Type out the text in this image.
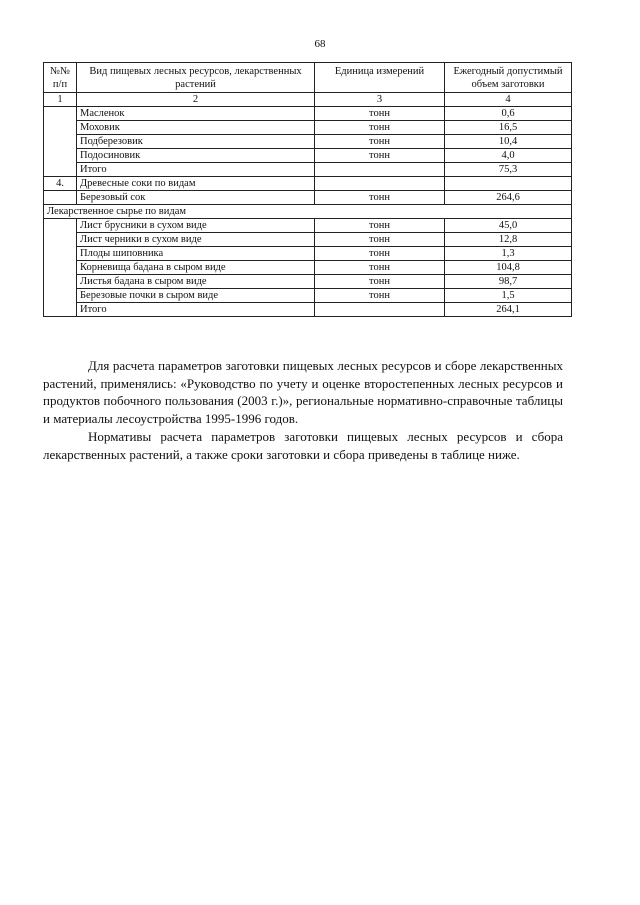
68
№№ п/п	Вид пищевых лесных ресурсов, лекарственных растений	Единица измерений	Ежегодный допустимый объем заготовки
1	2	3	4
	Масленок	тонн	0,6
	Моховик	тонн	16,5
	Подберезовик	тонн	10,4
	Подосиновик	тонн	4,0
	Итого		75,3
4.	Древесные соки по видам		
	Березовый сок	тонн	264,6
Лекарственное сырье по видам			
	Лист брусники в сухом виде	тонн	45,0
	Лист черники в сухом виде	тонн	12,8
	Плоды шиповника	тонн	1,3
	Корневища бадана в сыром виде	тонн	104,8
	Листья бадана в сыром виде	тонн	98,7
	Березовые почки в сыром виде	тонн	1,5
	Итого		264,1

Для расчета параметров заготовки пищевых лесных ресурсов и сборе лекарственных растений, применялись: «Руководство по учету и оценке второстепенных лесных ресурсов и продуктов побочного пользования (2003 г.)», региональные нормативно-справочные таблицы и материалы лесоустройства 1995-1996 годов.

Нормативы расчета параметров заготовки пищевых лесных ресурсов и сбора лекарственных растений, а также сроки заготовки и сбора приведены в таблице ниже.
